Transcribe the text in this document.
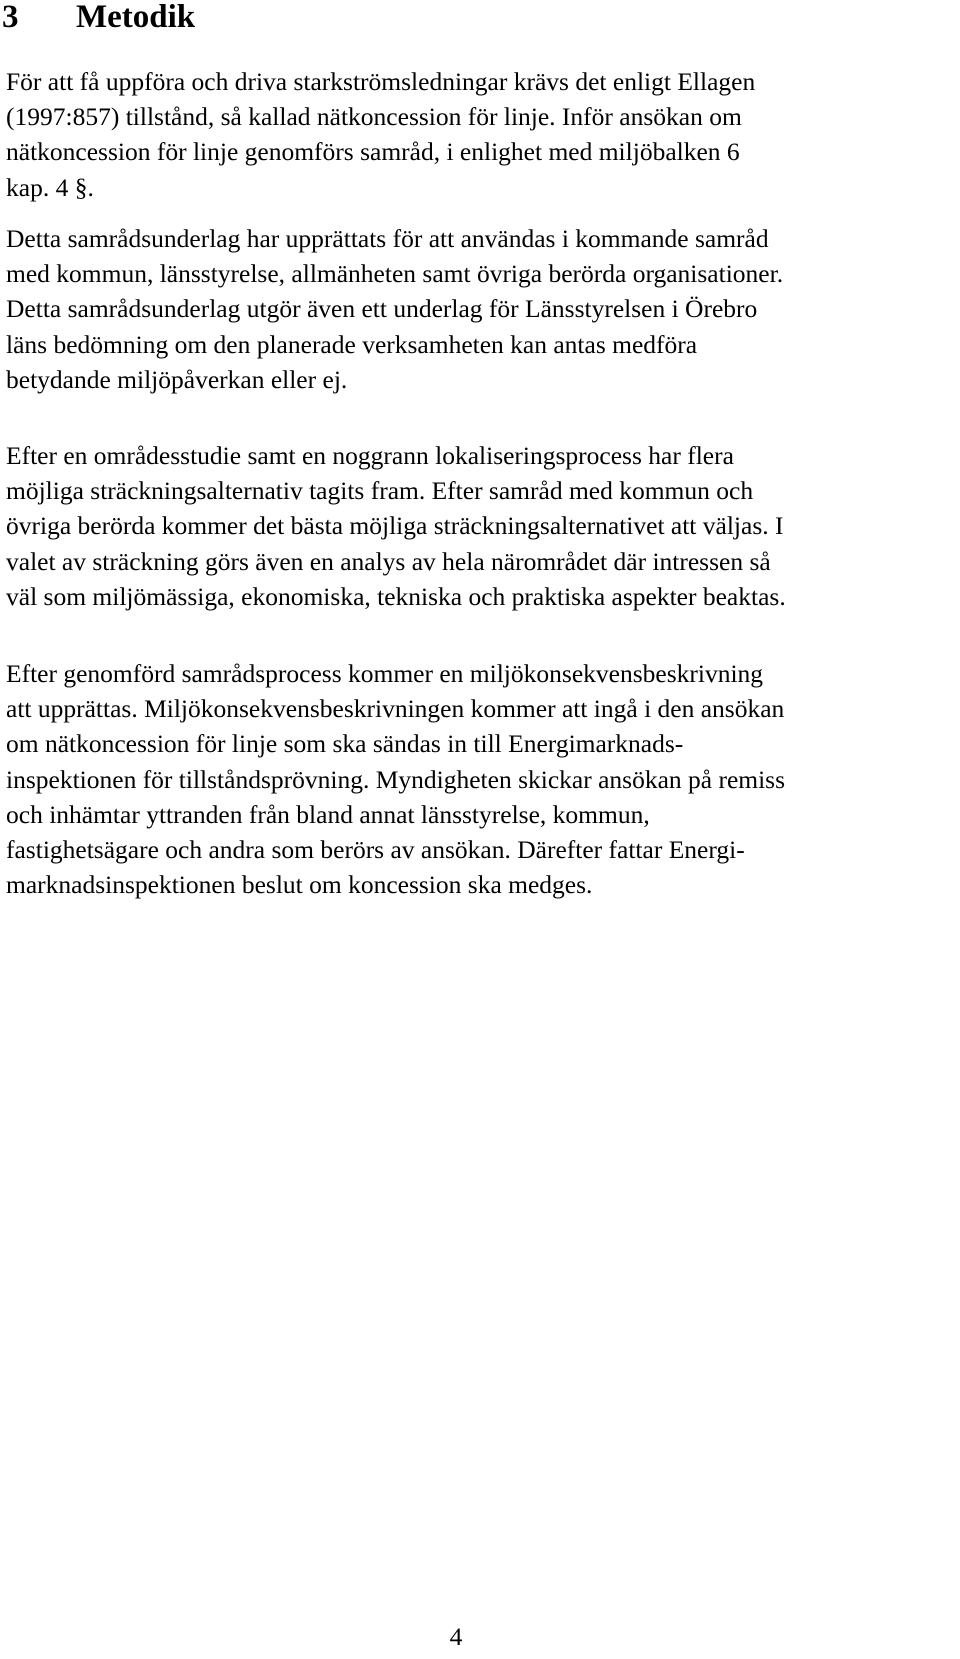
3 Metodik

För att få uppföra och driva starkströmsledningar krävs det enligt Ellagen
(1997:857) tillstånd, så kallad nätkoncession för linje. Inför ansökan om
nätkoncession för linje genomförs samråd, i enlighet med miljöbalken 6
kap. 4 §.

Detta samrådsunderlag har upprättats för att användas i kommande samråd
med kommun, länsstyrelse, allmänheten samt övriga berörda organisationer.
Detta samrådsunderlag utgör även ett underlag för Länsstyrelsen i Örebro
läns bedömning om den planerade verksamheten kan antas medföra
betydande miljöpåverkan eller ej.

Efter en områdesstudie samt en noggrann lokaliseringsprocess har flera
möjliga sträckningsalternativ tagits fram. Efter samråd med kommun och
övriga berörda kommer det bästa möjliga sträckningsalternativet att väljas. I
valet av sträckning görs även en analys av hela närområdet där intressen så
väl som miljömässiga, ekonomiska, tekniska och praktiska aspekter beaktas.

Efter genomförd samrådsprocess kommer en miljökonsekvensbeskrivning
att upprättas. Miljökonsekvensbeskrivningen kommer att ingå i den ansökan
om nätkoncession för linje som ska sändas in till Energimarknads-
inspektionen för tillståndsprövning. Myndigheten skickar ansökan på remiss
och inhämtar yttranden från bland annat länsstyrelse, kommun,
fastighetsägare och andra som berörs av ansökan. Därefter fattar Energi-
marknadsinspektionen beslut om koncession ska medges.

4
